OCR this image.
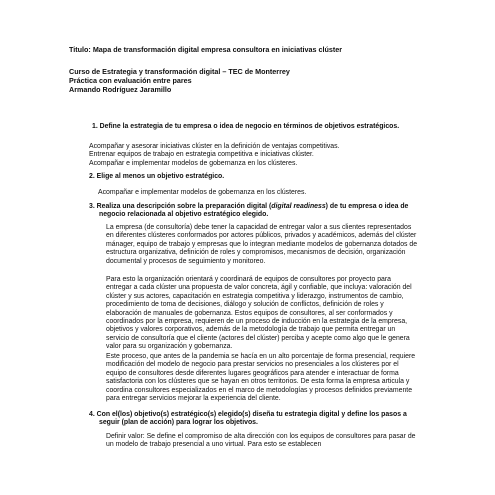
Titulo: Mapa de transformación digital empresa consultora en iniciativas clúster
Curso de Estrategia y transformación digital – TEC de Monterrey
Práctica con evaluación entre pares
Armando Rodríguez Jaramillo
1. Define la estrategia de tu empresa o idea de negocio en términos de objetivos estratégicos.

Acompañar y asesorar iniciativas clúster en la definición de ventajas competitivas.

Entrenar equipos de trabajo en estrategia competitiva e iniciativas clúster.

Acompañar e implementar modelos de gobernanza en los clústeres.

2. Elige al menos un objetivo estratégico.
Acompañar e implementar modelos de gobernanza en los clústeres.
3. Realiza una descripción sobre la preparación digital (digital readiness) de tu empresa o idea de negocio relacionada al objetivo estratégico elegido.
La empresa (de consultoría) debe tener la capacidad de entregar valor a sus clientes representados en diferentes clústeres conformados por actores públicos, privados y académicos, además del clúster mánager, equipo de trabajo y empresas que lo integran mediante modelos de gobernanza dotados de estructura organizativa, definición de roles y compromisos, mecanismos de decisión, organización documental y procesos de seguimiento y monitoreo.
Para esto la organización orientará y coordinará de equipos de consultores por proyecto para entregar a cada clúster una propuesta de valor concreta, ágil y confiable, que incluya: valoración del clúster y sus actores, capacitación en estrategia competitiva y liderazgo, instrumentos de cambio, procedimiento de toma de decisiones, diálogo y solución de conflictos, definición de roles y elaboración de manuales de gobernanza. Estos equipos de consultores, al ser conformados y coordinados por la empresa, requieren de un proceso de inducción en la estrategia de la empresa, objetivos y valores corporativos, además de la metodología de trabajo que permita entregar un servicio de consultoría que el cliente (actores del clúster) perciba y acepte como algo que le genera valor para su organización y gobernanza.
Este proceso, que antes de la pandemia se hacía en un alto porcentaje de forma presencial, requiere modificación del modelo de negocio para prestar servicios no presenciales a los clústeres por el equipo de consultores desde diferentes lugares geográficos para atender e interactuar de forma satisfactoria con los clústeres que se hayan en otros territorios. De esta forma la empresa articula y coordina consultores especializados en el marco de metodologías y procesos definidos previamente para entregar servicios mejorar la experiencia del cliente.
4. Con el(los) objetivo(s) estratégico(s) elegido(s) diseña tu estrategia digital y define los pasos a seguir (plan de acción) para lograr los objetivos.
Definir valor: Se define el compromiso de alta dirección con los equipos de consultores para pasar de un modelo de trabajo presencial a uno virtual. Para esto se establecen
